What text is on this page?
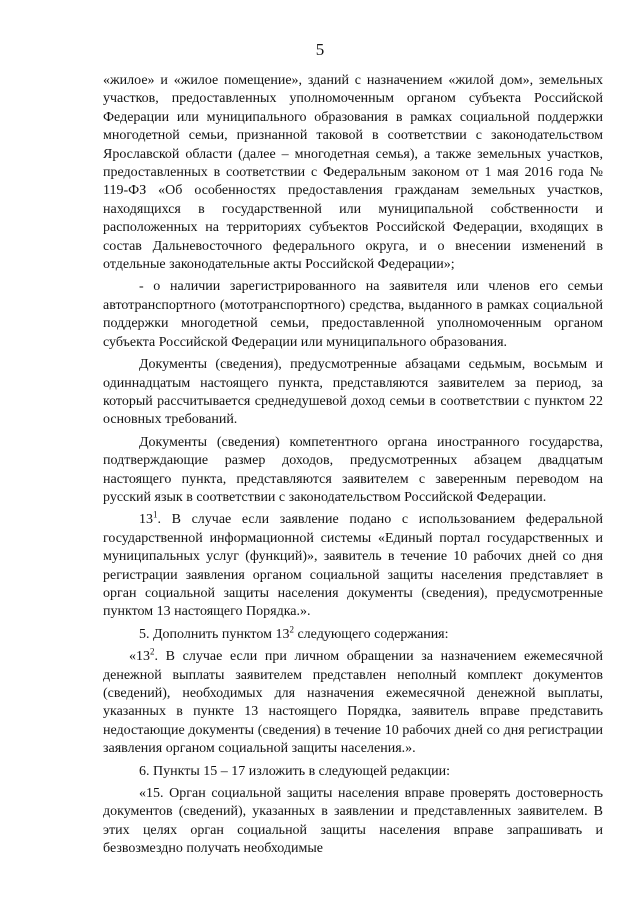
5

«жилое» и «жилое помещение», зданий с назначением «жилой дом», земельных участков, предоставленных уполномоченным органом субъекта Российской Федерации или муниципального образования в рамках социальной поддержки многодетной семьи, признанной таковой в соответствии с законодательством Ярославской области (далее – многодетная семья), а также земельных участков, предоставленных в соответствии с Федеральным законом от 1 мая 2016 года № 119-ФЗ «Об особенностях предоставления гражданам земельных участков, находящихся в государственной или муниципальной собственности и расположенных на территориях субъектов Российской Федерации, входящих в состав Дальневосточного федерального округа, и о внесении изменений в отдельные законодательные акты Российской Федерации»;

- о наличии зарегистрированного на заявителя или членов его семьи автотранспортного (мототранспортного) средства, выданного в рамках социальной поддержки многодетной семьи, предоставленной уполномоченным органом субъекта Российской Федерации или муниципального образования.

Документы (сведения), предусмотренные абзацами седьмым, восьмым и одиннадцатым настоящего пункта, представляются заявителем за период, за который рассчитывается среднедушевой доход семьи в соответствии с пунктом 22 основных требований.

Документы (сведения) компетентного органа иностранного государства, подтверждающие размер доходов, предусмотренных абзацем двадцатым настоящего пункта, представляются заявителем с заверенным переводом на русский язык в соответствии с законодательством Российской Федерации.

$13^1$. В случае если заявление подано с использованием федеральной государственной информационной системы «Единый портал государственных и муниципальных услуг (функций)», заявитель в течение 10 рабочих дней со дня регистрации заявления органом социальной защиты населения представляет в орган социальной защиты населения документы (сведения), предусмотренные пунктом 13 настоящего Порядка.».

5. Дополнить пунктом $13^2$ следующего содержания:

«$13^2$. В случае если при личном обращении за назначением ежемесячной денежной выплаты заявителем представлен неполный комплект документов (сведений), необходимых для назначения ежемесячной денежной выплаты, указанных в пункте 13 настоящего Порядка, заявитель вправе представить недостающие документы (сведения) в течение 10 рабочих дней со дня регистрации заявления органом социальной защиты населения.».

6. Пункты 15 – 17 изложить в следующей редакции:

«15. Орган социальной защиты населения вправе проверять достоверность документов (сведений), указанных в заявлении и представленных заявителем. В этих целях орган социальной защиты населения вправе запрашивать и безвозмездно получать необходимые
